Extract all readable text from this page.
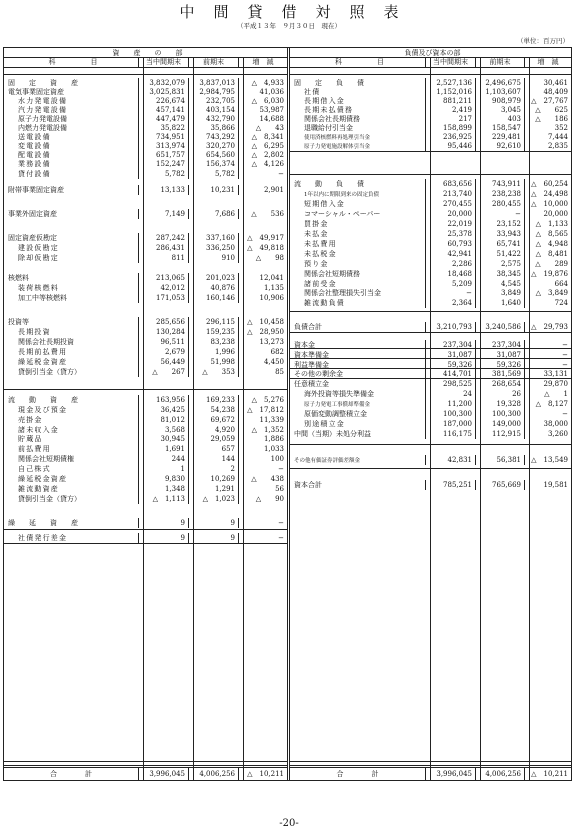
中間貸借対照表
（平成１３年　９月３０日　現在）
（単位：百万円）
資　　産　　の　　部
科　　　　　目	当中間期末	前期末	増　減
固　　定　　資　　産	3,832,079	3,837,013	△　4,933
電気事業固定資産	3,025,831	2,984,795	41,036
水力発電設備	226,674	232,705	△　6,030
汽力発電設備	457,141	403,154	53,987
原子力発電設備	447,479	432,790	14,688
内燃力発電設備	35,822	35,866	△　　43
送電設備	734,951	743,292	△　8,341
変電設備	313,974	320,270	△　6,295
配電設備	651,757	654,560	△　2,802
業務設備	152,247	156,374	△　4,126
貸付設備	5,782	5,782	−
附帯事業固定資産	13,133	10,231	2,901
事業外固定資産	7,149	7,686	△　　536
固定資産仮勘定	287,242	337,160	△　49,917
建設仮勘定	286,431	336,250	△　49,818
除却仮勘定	811	910	△　　98
核燃料	213,065	201,023	12,041
装荷核燃料	42,012	40,876	1,135
加工中等核燃料	171,053	160,146	10,906
投資等	285,656	296,115	△　10,458
長期投資	130,284	159,235	△　28,950
関係会社長期投資	96,511	83,238	13,273
長期前払費用	2,679	1,996	682
繰延税金資産	56,449	51,998	4,450
貸倒引当金（貸方）	△　　267	△　　353	85
流　　動　　資　　産	163,956	169,233	△　5,276
現金及び預金	36,425	54,238	△　17,812
売掛金	81,012	69,672	11,339
諸未収入金	3,568	4,920	△　1,352
貯蔵品	30,945	29,059	1,886
前払費用	1,691	657	1,033
関係会社短期債権	244	144	100
自己株式	1	2	−
繰延税金資産	9,830	10,269	△　　438
雑流動資産	1,348	1,291	56
貸倒引当金（貸方）	△　1,113	△　1,023	△　　90
繰　　延　　資　　産	9	9	−
社債発行差金	9	9	−
合　　　　計	3,996,045	4,006,256	△　10,211
負債及び資本の部
科　　　　　目	当中間期末	前期末	増　減
固　　定　　負　　債	2,527,136	2,496,675	30,461
社債	1,152,016	1,103,607	48,409
長期借入金	881,211	908,979	△　27,767
長期未払債務	2,419	3,045	△　　625
関係会社長期債務	217	403	△　　186
退職給付引当金	158,899	158,547	352
使用済核燃料再処理引当金	236,925	229,481	7,444
原子力発電施設解体引当金	95,446	92,610	2,835
流　　動　　負　　債	683,656	743,911	△　60,254
1年以内に期限到来の固定負債	213,740	238,238	△　24,498
短期借入金	270,455	280,455	△　10,000
コマーシャル・ペーパー	20,000	−	20,000
買掛金	22,019	23,152	△　1,133
未払金	25,378	33,943	△　8,565
未払費用	60,793	65,741	△　4,948
未払税金	42,941	51,422	△　8,481
預り金	2,286	2,575	△　　289
関係会社短期債務	18,468	38,345	△　19,876
諸前受金	5,209	4,545	664
関係会社整理損失引当金	−	3,849	△　3,849
雑流動負債	2,364	1,640	724
負債合計	3,210,793	3,240,586	△　29,793
資本金	237,304	237,304	−
資本準備金	31,087	31,087	−
利益準備金	59,326	59,326	−
その他の剰余金	414,701	381,569	33,131
任意積立金	298,525	268,654	29,870
海外投資等損失準備金	24	26	△　　1
原子力発電工事償却準備金	11,200	19,328	△　8,127
原価変動調整積立金	100,300	100,300	−
別途積立金	187,000	149,000	38,000
中間（当期）未処分利益	116,175	112,915	3,260
その他有価証券評価差額金	42,831	56,381	△　13,549
資本合計	785,251	765,669	19,581
合　　　　計	3,996,045	4,006,256	△　10,211
-20-
